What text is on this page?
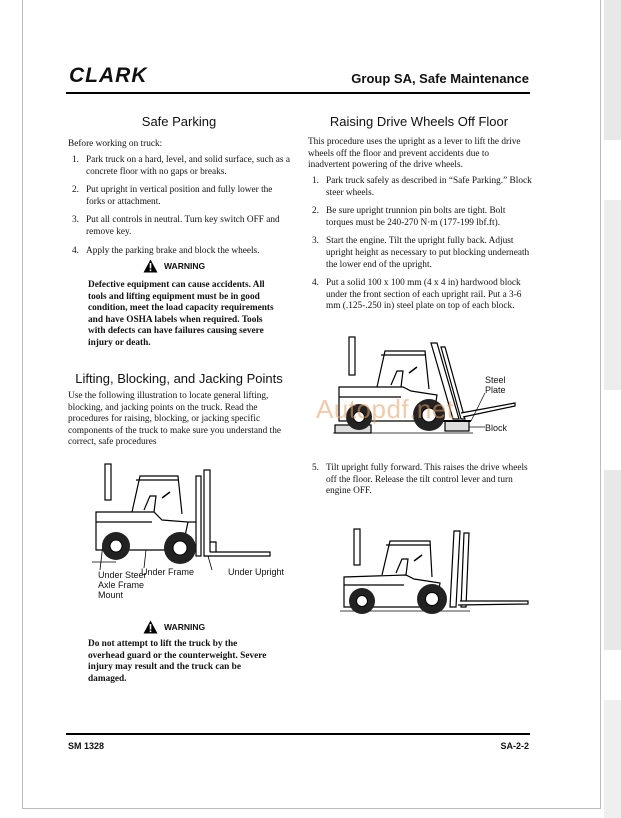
CLARK	Group SA, Safe Maintenance
Safe Parking
Before working on truck:
1. Park truck on a hard, level, and solid surface, such as a concrete floor with no gaps or breaks.
2. Put upright in vertical position and fully lower the forks or attachment.
3. Put all controls in neutral. Turn key switch OFF and remove key.
4. Apply the parking brake and block the wheels.
WARNING
Defective equipment can cause accidents. All tools and lifting equipment must be in good condition, meet the load capacity requirements and have OSHA labels when required. Tools with defects can have failures causing severe injury or death.
Lifting, Blocking, and Jacking Points
Use the following illustration to locate general lifting, blocking, and jacking points on the truck. Read the procedures for raising, blocking, or jacking specific components of the truck to make sure you understand the correct, safe procedures
Under Steer Axle Frame Mount
Under Frame	Under Upright
WARNING
Do not attempt to lift the truck by the overhead guard or the counterweight. Severe injury may result and the truck can be damaged.
Raising Drive Wheels Off Floor
This procedure uses the upright as a lever to lift the drive wheels off the floor and prevent accidents due to inadvertent powering of the drive wheels.
1. Park truck safely as described in “Safe Parking.” Block steer wheels.
2. Be sure upright trunnion pin bolts are tight. Bolt torques must be 240-270 N·m (177-199 lbf.ft).
3. Start the engine. Tilt the upright fully back. Adjust upright height as necessary to put blocking underneath the lower end of the upright.
4. Put a solid 100 x 100 mm (4 x 4 in) hardwood block under the front section of each upright rail. Put a 3-6 mm (.125-.250 in) steel plate on top of each block.
Steel Plate
Block
Autopdf.net
5. Tilt upright fully forward. This raises the drive wheels off the floor. Release the tilt control lever and turn engine OFF.
SM 1328	SA-2-2
